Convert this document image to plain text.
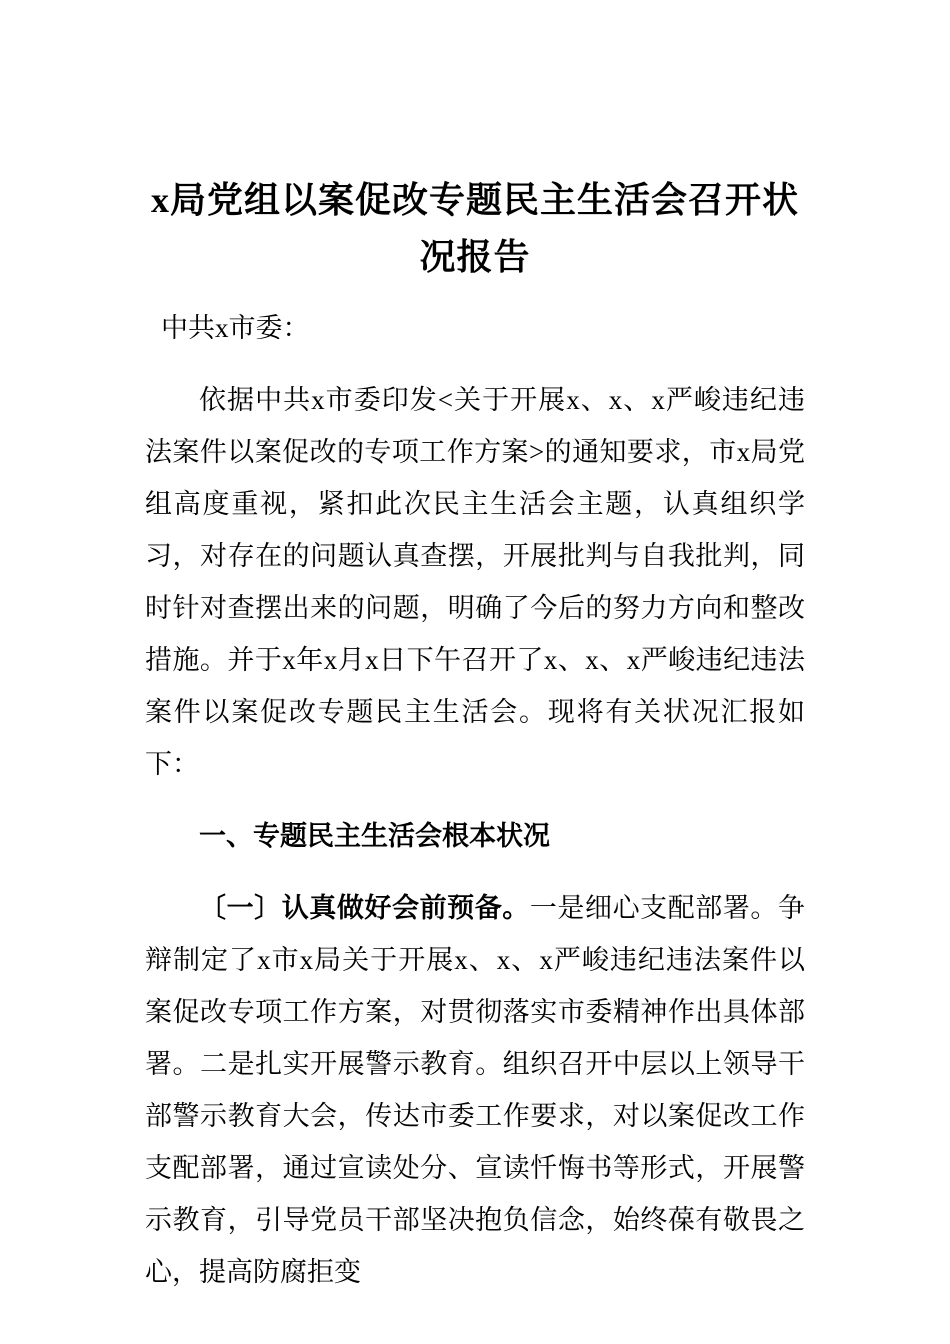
x局党组以案促改专题民主生活会召开状况报告

中共x市委：

依据中共x市委印发<关于开展x、x、x严峻违纪违法案件以案促改的专项工作方案>的通知要求，市x局党组高度重视，紧扣此次民主生活会主题，认真组织学习，对存在的问题认真查摆，开展批判与自我批判，同时针对查摆出来的问题，明确了今后的努力方向和整改措施。并于x年x月x日下午召开了x、x、x严峻违纪违法案件以案促改专题民主生活会。现将有关状况汇报如下：

一、专题民主生活会根本状况

〔一〕认真做好会前预备。一是细心支配部署。争辩制定了x市x局关于开展x、x、x严峻违纪违法案件以案促改专项工作方案，对贯彻落实市委精神作出具体部署。二是扎实开展警示教育。组织召开中层以上领导干部警示教育大会，传达市委工作要求，对以案促改工作支配部署，通过宣读处分、宣读忏悔书等形式，开展警示教育，引导党员干部坚决抱负信念，始终葆有敬畏之心，提高防腐拒变
